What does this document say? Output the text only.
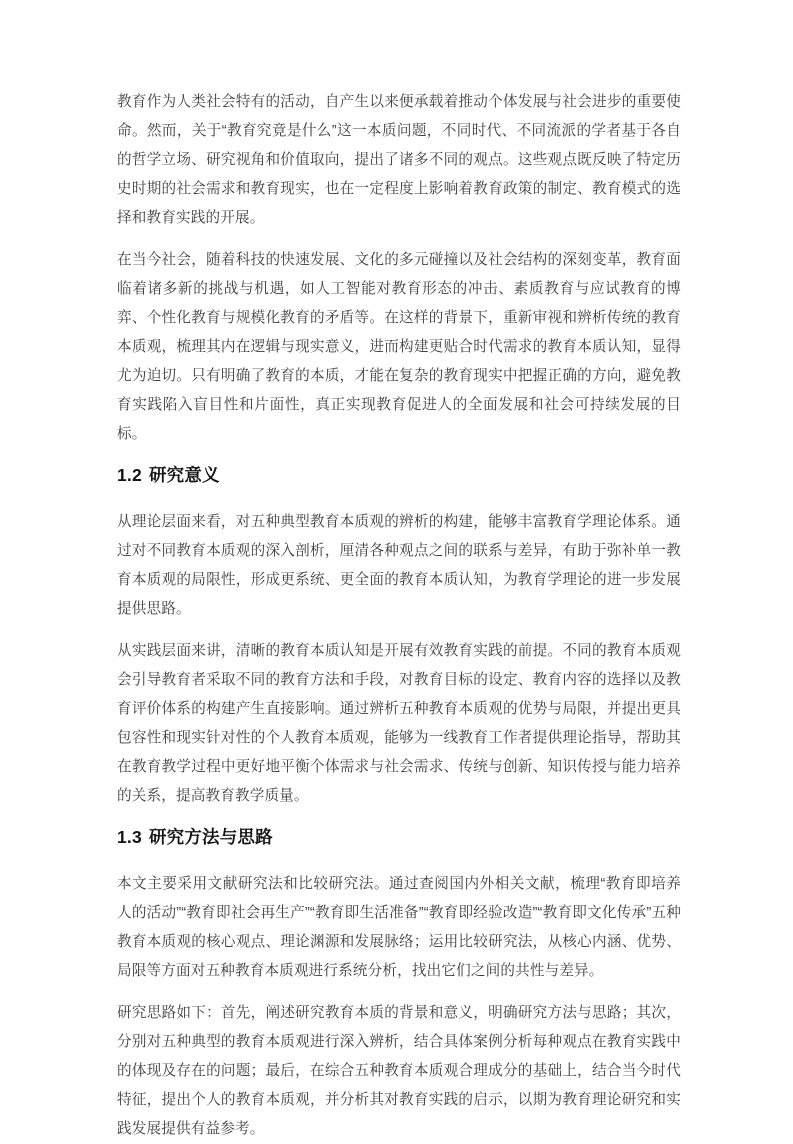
教育作为人类社会特有的活动，自产生以来便承载着推动个体发展与社会进步的重要使命。然而，关于“教育究竟是什么”这一本质问题，不同时代、不同流派的学者基于各自的哲学立场、研究视角和价值取向，提出了诸多不同的观点。这些观点既反映了特定历史时期的社会需求和教育现实，也在一定程度上影响着教育政策的制定、教育模式的选择和教育实践的开展。

在当今社会，随着科技的快速发展、文化的多元碰撞以及社会结构的深刻变革，教育面临着诸多新的挑战与机遇，如人工智能对教育形态的冲击、素质教育与应试教育的博弈、个性化教育与规模化教育的矛盾等。在这样的背景下，重新审视和辨析传统的教育本质观，梳理其内在逻辑与现实意义，进而构建更贴合时代需求的教育本质认知，显得尤为迫切。只有明确了教育的本质，才能在复杂的教育现实中把握正确的方向，避免教育实践陷入盲目性和片面性，真正实现教育促进人的全面发展和社会可持续发展的目标。

1.2 研究意义

从理论层面来看，对五种典型教育本质观的辨析的构建，能够丰富教育学理论体系。通过对不同教育本质观的深入剖析，厘清各种观点之间的联系与差异，有助于弥补单一教育本质观的局限性，形成更系统、更全面的教育本质认知，为教育学理论的进一步发展提供思路。

从实践层面来讲，清晰的教育本质认知是开展有效教育实践的前提。不同的教育本质观会引导教育者采取不同的教育方法和手段，对教育目标的设定、教育内容的选择以及教育评价体系的构建产生直接影响。通过辨析五种教育本质观的优势与局限，并提出更具包容性和现实针对性的个人教育本质观，能够为一线教育工作者提供理论指导，帮助其在教育教学过程中更好地平衡个体需求与社会需求、传统与创新、知识传授与能力培养的关系，提高教育教学质量。

1.3 研究方法与思路

本文主要采用文献研究法和比较研究法。通过查阅国内外相关文献，梳理“教育即培养人的活动”“教育即社会再生产”“教育即生活准备”“教育即经验改造”“教育即文化传承”五种教育本质观的核心观点、理论渊源和发展脉络；运用比较研究法，从核心内涵、优势、局限等方面对五种教育本质观进行系统分析，找出它们之间的共性与差异。

研究思路如下：首先，阐述研究教育本质的背景和意义，明确研究方法与思路；其次，分别对五种典型的教育本质观进行深入辨析，结合具体案例分析每种观点在教育实践中的体现及存在的问题；最后，在综合五种教育本质观合理成分的基础上，结合当今时代特征，提出个人的教育本质观，并分析其对教育实践的启示，以期为教育理论研究和实践发展提供有益参考。
